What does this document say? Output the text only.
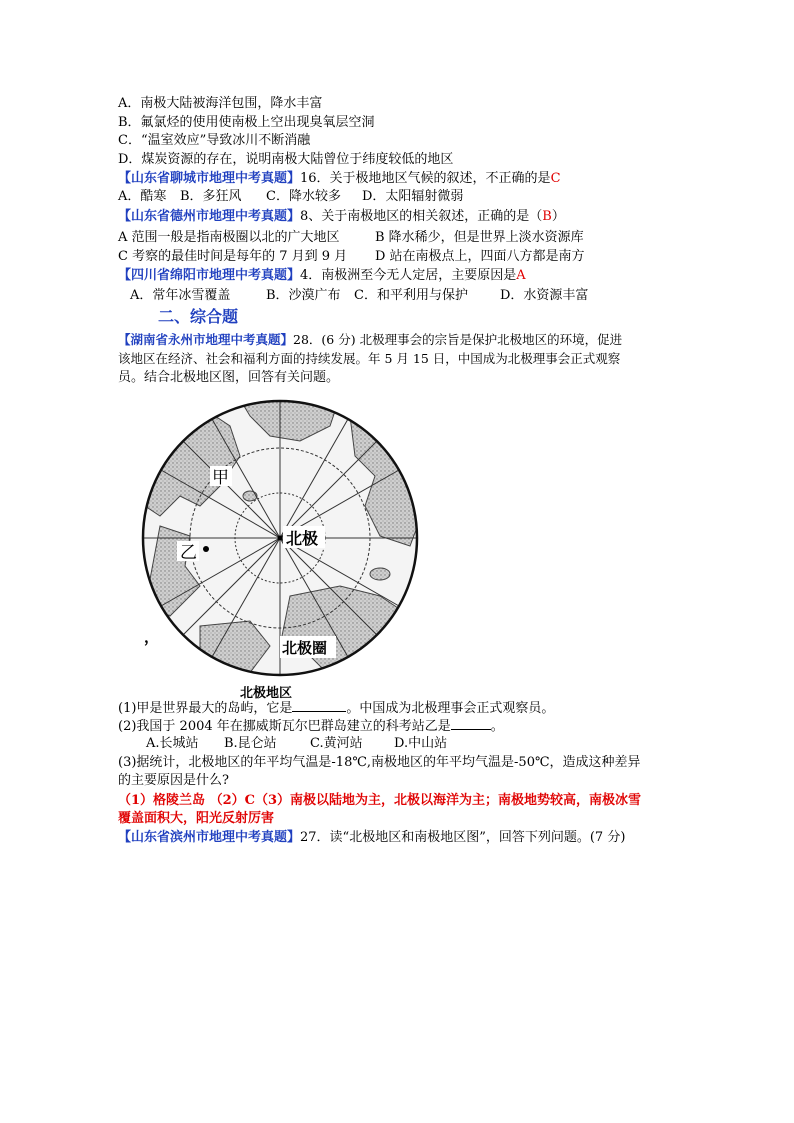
A．南极大陆被海洋包围，降水丰富
B．氟氯烃的使用使南极上空出现臭氧层空洞
C．“温室效应”导致冰川不断消融
D．煤炭资源的存在，说明南极大陆曾位于纬度较低的地区
【山东省聊城市地理中考真题】16．关于极地地区气候的叙述，不正确的是C
A．酷寒 B．多狂风 C．降水较多 D．太阳辐射微弱
【山东省德州市地理中考真题】8、关于南极地区的相关叙述，正确的是（B）
A 范围一般是指南极圈以北的广大地区	B 降水稀少，但是世界上淡水资源库
C 考察的最佳时间是每年的 7 月到 9 月 D 站在南极点上，四面八方都是南方
【四川省绵阳市地理中考真题】4．南极洲至今无人定居，主要原因是A
A．常年冰雪覆盖	B．沙漠广布 C．和平利用与保护 D．水资源丰富
二、综合题
【湖南省永州市地理中考真题】28．(6 分) 北极理事会的宗旨是保护北极地区的环境，促进
该地区在经济、社会和福利方面的持续发展。年 5 月 15 日，中国成为北极理事会正式观察
员。结合北极地区图，回答有关问题。
甲
北极
乙
北极圈
，
北极地区
(1)甲是世界最大的岛屿，它是	。中国成为北极理事会正式观察员。
(2)我国于 2004 年在挪威斯瓦尔巴群岛建立的科考站乙是	。
A.长城站 B.昆仑站	C.黄河站 D.中山站
(3)据统计，北极地区的年平均气温是-18℃,南极地区的年平均气温是-50℃，造成这种差异
的主要原因是什么?
（1）格陵兰岛 （2）C（3）南极以陆地为主，北极以海洋为主；南极地势较高，南极冰雪
覆盖面积大，阳光反射厉害
【山东省滨州市地理中考真题】27．读“北极地区和南极地区图”，回答下列问题。(7 分)
